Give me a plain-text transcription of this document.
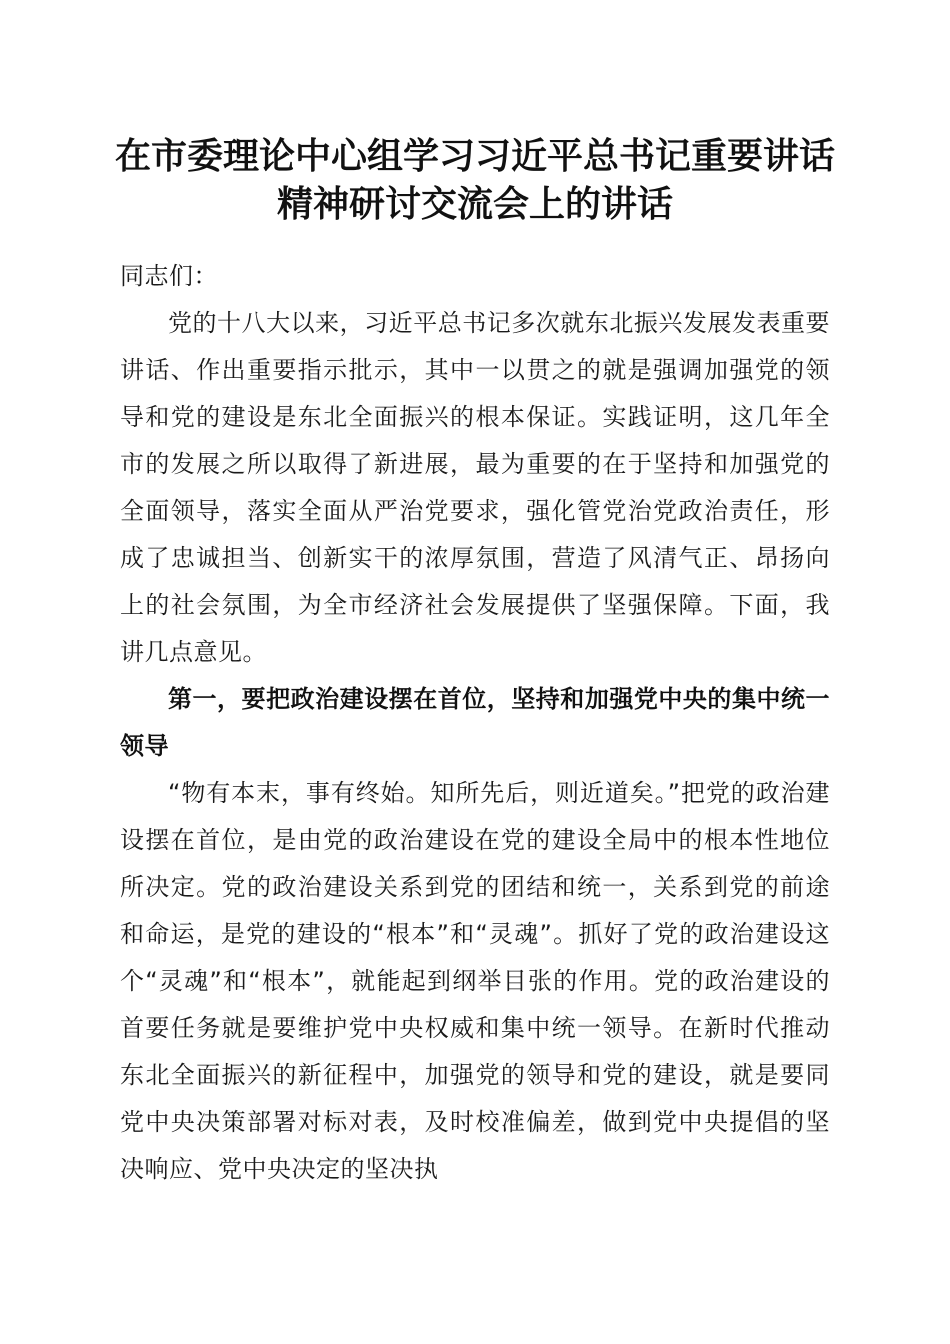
在市委理论中心组学习习近平总书记重要讲话
精神研讨交流会上的讲话

同志们：

党的十八大以来，习近平总书记多次就东北振兴发展发表重要讲话、作出重要指示批示，其中一以贯之的就是强调加强党的领导和党的建设是东北全面振兴的根本保证。实践证明，这几年全市的发展之所以取得了新进展，最为重要的在于坚持和加强党的全面领导，落实全面从严治党要求，强化管党治党政治责任，形成了忠诚担当、创新实干的浓厚氛围，营造了风清气正、昂扬向上的社会氛围，为全市经济社会发展提供了坚强保障。下面，我讲几点意见。

第一，要把政治建设摆在首位，坚持和加强党中央的集中统一领导

“物有本末，事有终始。知所先后，则近道矣。”把党的政治建设摆在首位，是由党的政治建设在党的建设全局中的根本性地位所决定。党的政治建设关系到党的团结和统一，关系到党的前途和命运，是党的建设的“根本”和“灵魂”。抓好了党的政治建设这个“灵魂”和“根本”，就能起到纲举目张的作用。党的政治建设的首要任务就是要维护党中央权威和集中统一领导。在新时代推动东北全面振兴的新征程中，加强党的领导和党的建设，就是要同党中央决策部署对标对表，及时校准偏差，做到党中央提倡的坚决响应、党中央决定的坚决执
